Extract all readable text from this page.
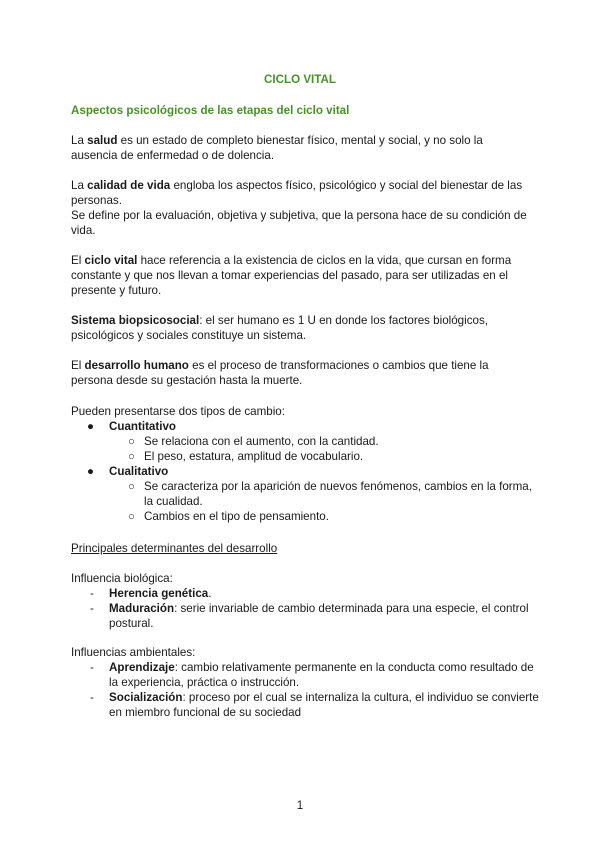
CICLO VITAL
Aspectos psicológicos de las etapas del ciclo vital
La salud es un estado de completo bienestar físico, mental y social, y no solo la ausencia de enfermedad o de dolencia.
La calidad de vida engloba los aspectos físico, psicológico y social del bienestar de las personas.
Se define por la evaluación, objetiva y subjetiva, que la persona hace de su condición de vida.
El ciclo vital hace referencia a la existencia de ciclos en la vida, que cursan en forma constante y que nos llevan a tomar experiencias del pasado, para ser utilizadas en el presente y futuro.
Sistema biopsicosocial: el ser humano es 1 U en donde los factores biológicos, psicológicos y sociales constituye un sistema.
El desarrollo humano es el proceso de transformaciones o cambios que tiene la persona desde su gestación hasta la muerte.
Pueden presentarse dos tipos de cambio:
● Cuantitativo
○ Se relaciona con el aumento, con la cantidad.
○ El peso, estatura, amplitud de vocabulario.
● Cualitativo
○ Se caracteriza por la aparición de nuevos fenómenos, cambios en la forma, la cualidad.
○ Cambios en el tipo de pensamiento.
Principales determinantes del desarrollo
Influencia biológica:
- Herencia genética.
- Maduración: serie invariable de cambio determinada para una especie, el control postural.
Influencias ambientales:
- Aprendizaje: cambio relativamente permanente en la conducta como resultado de la experiencia, práctica o instrucción.
- Socialización: proceso por el cual se internaliza la cultura, el individuo se convierte en miembro funcional de su sociedad
1
